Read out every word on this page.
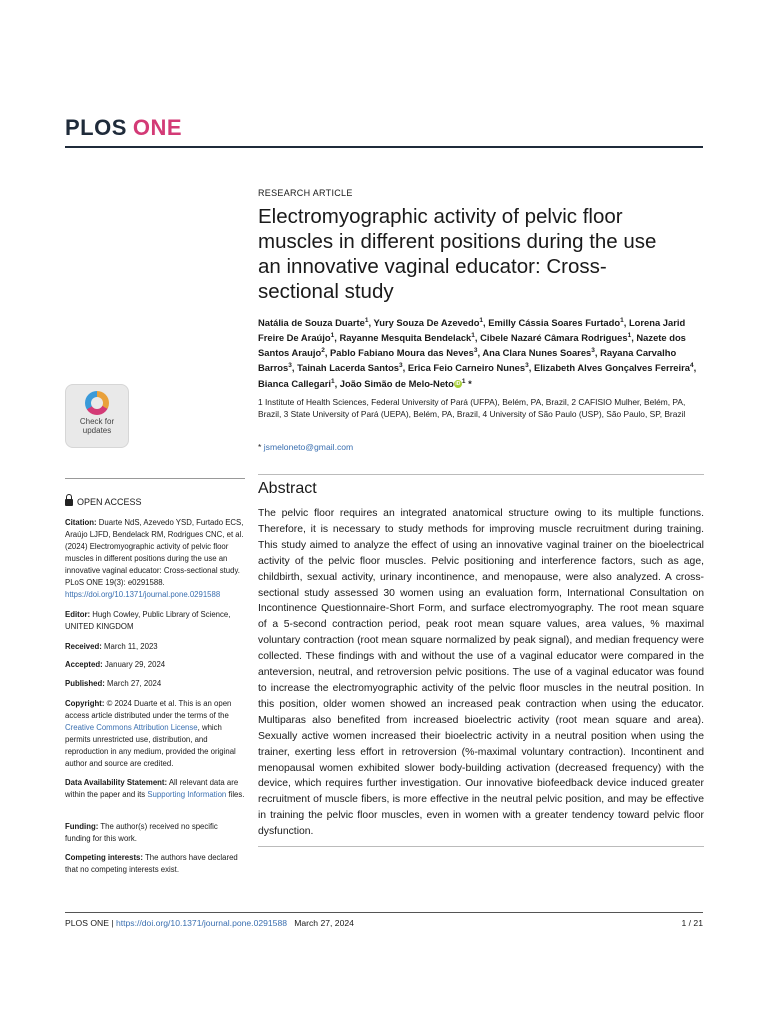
PLOS ONE
Check for
updates
OPEN ACCESS
Citation: Duarte NdS, Azevedo YSD, Furtado ECS, Araújo LJFD, Bendelack RM, Rodrigues CNC, et al. (2024) Electromyographic activity of pelvic floor muscles in different positions during the use an innovative vaginal educator: Cross-sectional study. PLoS ONE 19(3): e0291588. https://doi.org/10.1371/journal.pone.0291588
Editor: Hugh Cowley, Public Library of Science, UNITED KINGDOM
Received: March 11, 2023
Accepted: January 29, 2024
Published: March 27, 2024
Copyright: © 2024 Duarte et al. This is an open access article distributed under the terms of the Creative Commons Attribution License, which permits unrestricted use, distribution, and reproduction in any medium, provided the original author and source are credited.
Data Availability Statement: All relevant data are within the paper and its Supporting Information files.
Funding: The author(s) received no specific funding for this work.
Competing interests: The authors have declared that no competing interests exist.
RESEARCH ARTICLE
Electromyographic activity of pelvic floor muscles in different positions during the use an innovative vaginal educator: Cross-sectional study
Natália de Souza Duarte$^1$, Yury Souza De Azevedo$^1$, Emilly Cássia Soares Furtado$^1$, Lorena Jarid Freire De Araújo$^1$, Rayanne Mesquita Bendelack$^1$, Cibele Nazaré Câmara Rodrigues$^1$, Nazete dos Santos Araujo$^2$, Pablo Fabiano Moura das Neves$^3$, Ana Clara Nunes Soares$^3$, Rayana Carvalho Barros$^3$, Tainah Lacerda Santos$^3$, Erica Feio Carneiro Nunes$^3$, Elizabeth Alves Gonçalves Ferreira$^4$, Bianca Callegari$^1$, João Simão de Melo-Neto iD $^1$ *
1 Institute of Health Sciences, Federal University of Pará (UFPA), Belém, PA, Brazil, 2 CAFISIO Mulher, Belém, PA, Brazil, 3 State University of Pará (UEPA), Belém, PA, Brazil, 4 University of São Paulo (USP), São Paulo, SP, Brazil
* jsmeloneto@gmail.com
Abstract

The pelvic floor requires an integrated anatomical structure owing to its multiple functions. Therefore, it is necessary to study methods for improving muscle recruitment during training. This study aimed to analyze the effect of using an innovative vaginal trainer on the bioelectrical activity of the pelvic floor muscles. Pelvic positioning and interference factors, such as age, childbirth, sexual activity, urinary incontinence, and menopause, were also analyzed. A cross-sectional study assessed 30 women using an evaluation form, International Consultation on Incontinence Questionnaire-Short Form, and surface electromyography. The root mean square of a 5-second contraction period, peak root mean square values, area values, % maximal voluntary contraction (root mean square normalized by peak signal), and median frequency were collected. These findings with and without the use of a vaginal educator were compared in the anteversion, neutral, and retroversion pelvic positions. The use of a vaginal educator was found to increase the electromyographic activity of the pelvic floor muscles in the neutral position. In this position, older women showed an increased peak contraction when using the educator. Multiparas also benefited from increased bioelectric activity (root mean square and area). Sexually active women increased their bioelectric activity in a neutral position when using the trainer, exerting less effort in retroversion (%-maximal voluntary contraction). Incontinent and menopausal women exhibited slower body-building activation (decreased frequency) with the device, which requires further investigation. Our innovative biofeedback device induced greater recruitment of muscle fibers, is more effective in the neutral pelvic position, and may be effective in training the pelvic floor muscles, even in women with a greater tendency toward pelvic floor dysfunction.

PLOS ONE | https://doi.org/10.1371/journal.pone.0291588 March 27, 2024	1 / 21
